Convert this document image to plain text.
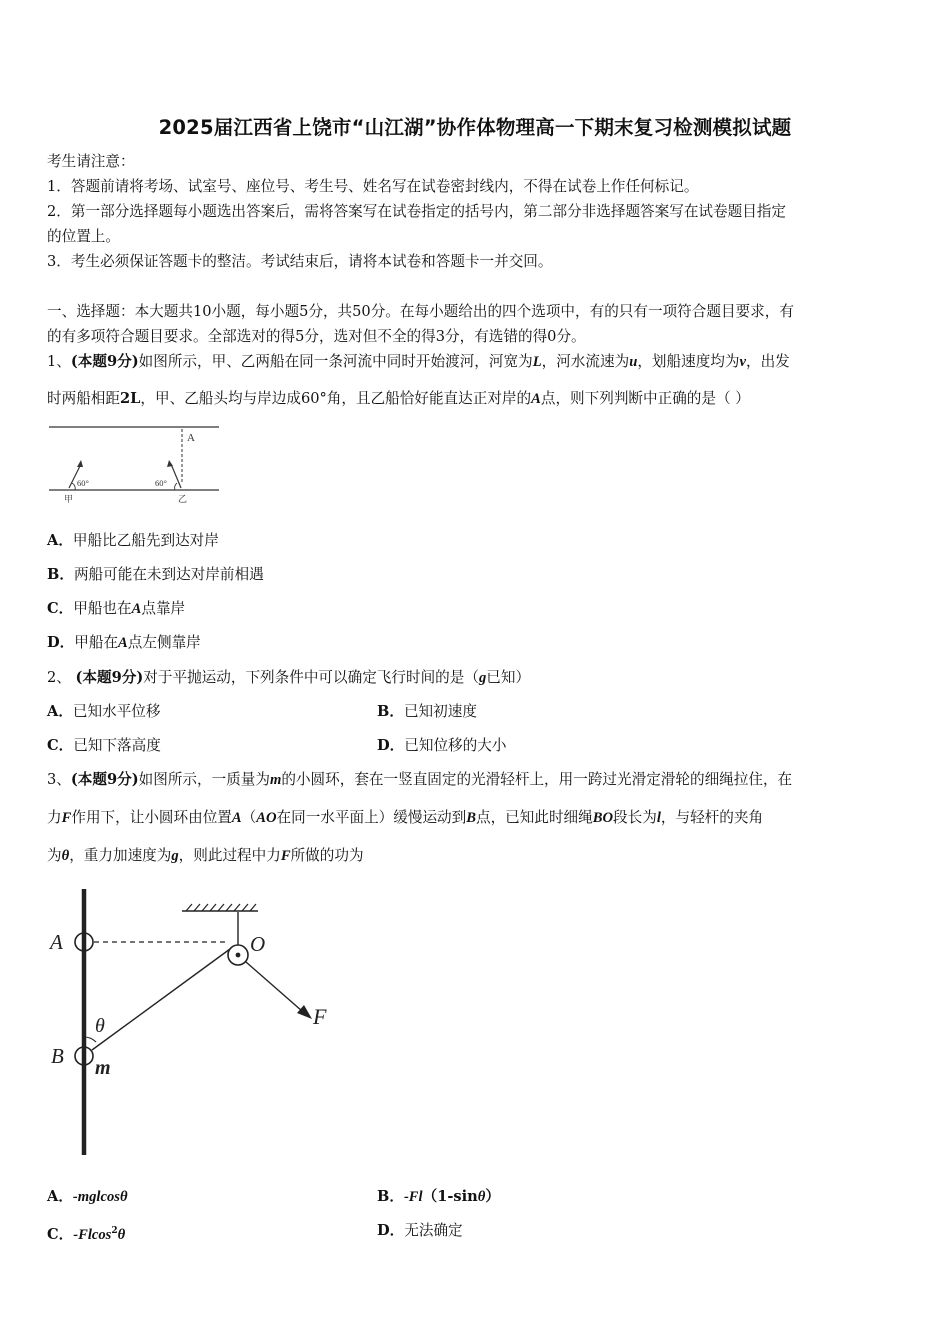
2025届江西省上饶市“山江湖”协作体物理高一下期末复习检测模拟试题
考生请注意：
1．答题前请将考场、试室号、座位号、考生号、姓名写在试卷密封线内，不得在试卷上作任何标记。
2．第一部分选择题每小题选出答案后，需将答案写在试卷指定的括号内，第二部分非选择题答案写在试卷题目指定
的位置上。
3．考生必须保证答题卡的整洁。考试结束后，请将本试卷和答题卡一并交回。
一、选择题：本大题共10小题，每小题5分，共50分。在每小题给出的四个选项中，有的只有一项符合题目要求，有
的有多项符合题目要求。全部选对的得5分，选对但不全的得3分，有选错的得0分。
1、(本题9分)如图所示，甲、乙两船在同一条河流中同时开始渡河，河宽为L，河水流速为u，划船速度均为v，出发
时两船相距2L，甲、乙船头均与岸边成60°角，且乙船恰好能直达正对岸的A点，则下列判断中正确的是（ ）
A
60°
甲
60°
乙
A．甲船比乙船先到达对岸
B．两船可能在未到达对岸前相遇
C．甲船也在A点靠岸
D．甲船在A点左侧靠岸
2、 (本题9分)对于平抛运动，下列条件中可以确定飞行时间的是（g已知）
A．已知水平位移	B．已知初速度
C．已知下落高度	D．已知位移的大小
3、(本题9分)如图所示，一质量为m的小圆环，套在一竖直固定的光滑轻杆上，用一跨过光滑定滑轮的细绳拉住，在
力F作用下，让小圆环由位置A（AO在同一水平面上）缓慢运动到B点，已知此时细绳BO段长为l，与轻杆的夹角
为θ，重力加速度为g，则此过程中力F所做的功为
A	O
F
θ
B m
A．-mglcosθ	B．-Fl（1-sinθ）
C．-Flcos$^2$θ	D．无法确定
